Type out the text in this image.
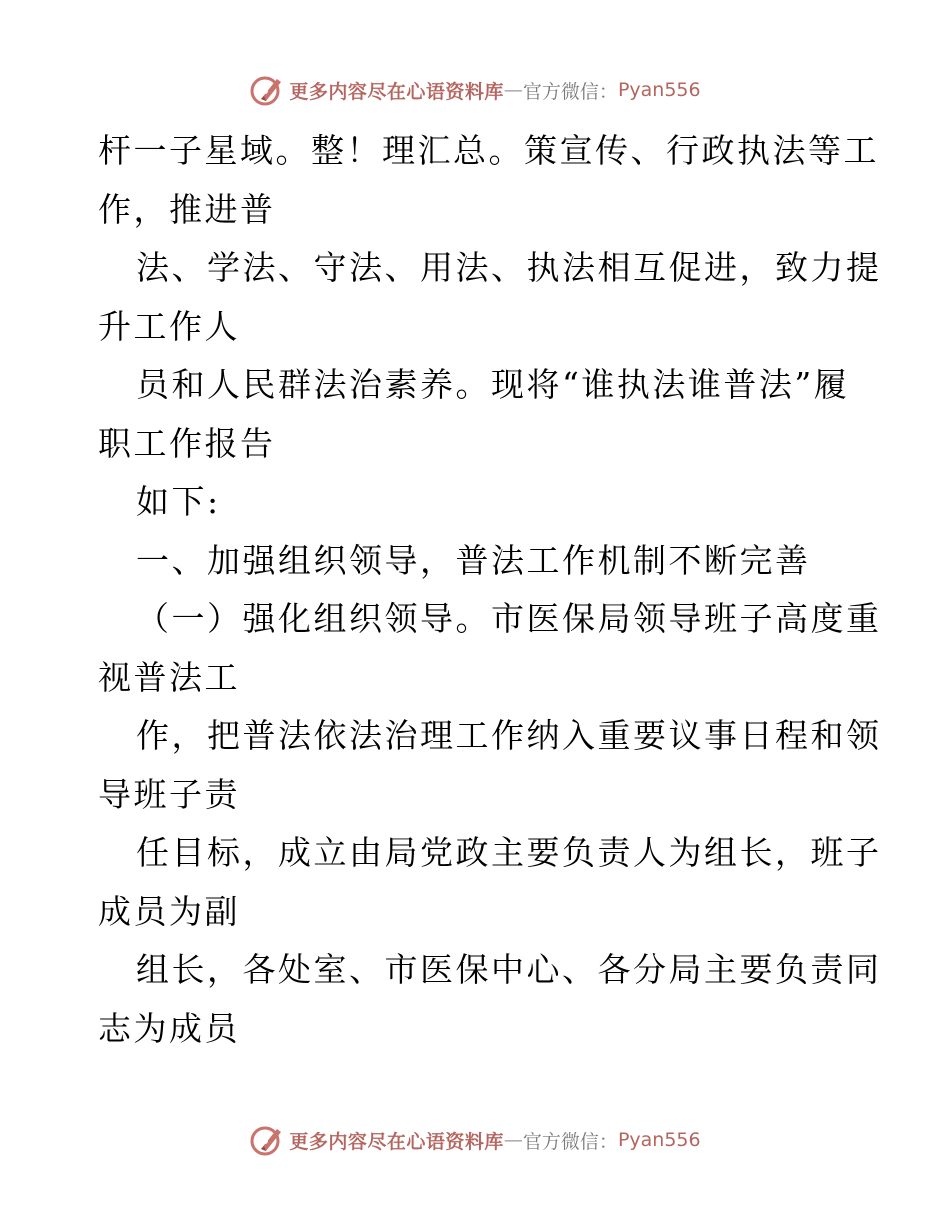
更多内容尽在心语资料库 — 官方微信： Pyan556
杆一子星域。整！理汇总。策宣传、行政执法等工
作，推进普
法、学法、守法、用法、执法相互促进，致力提
升工作人
员和人民群法治素养。现将“谁执法谁普法”履
职工作报告
如下:
一、加强组织领导，普法工作机制不断完善
（一）强化组织领导。市医保局领导班子高度重
视普法工
作，把普法依法治理工作纳入重要议事日程和领
导班子责
任目标，成立由局党政主要负责人为组长，班子
成员为副
组长，各处室、市医保中心、各分局主要负责同
志为成员
更多内容尽在心语资料库 — 官方微信： Pyan556
